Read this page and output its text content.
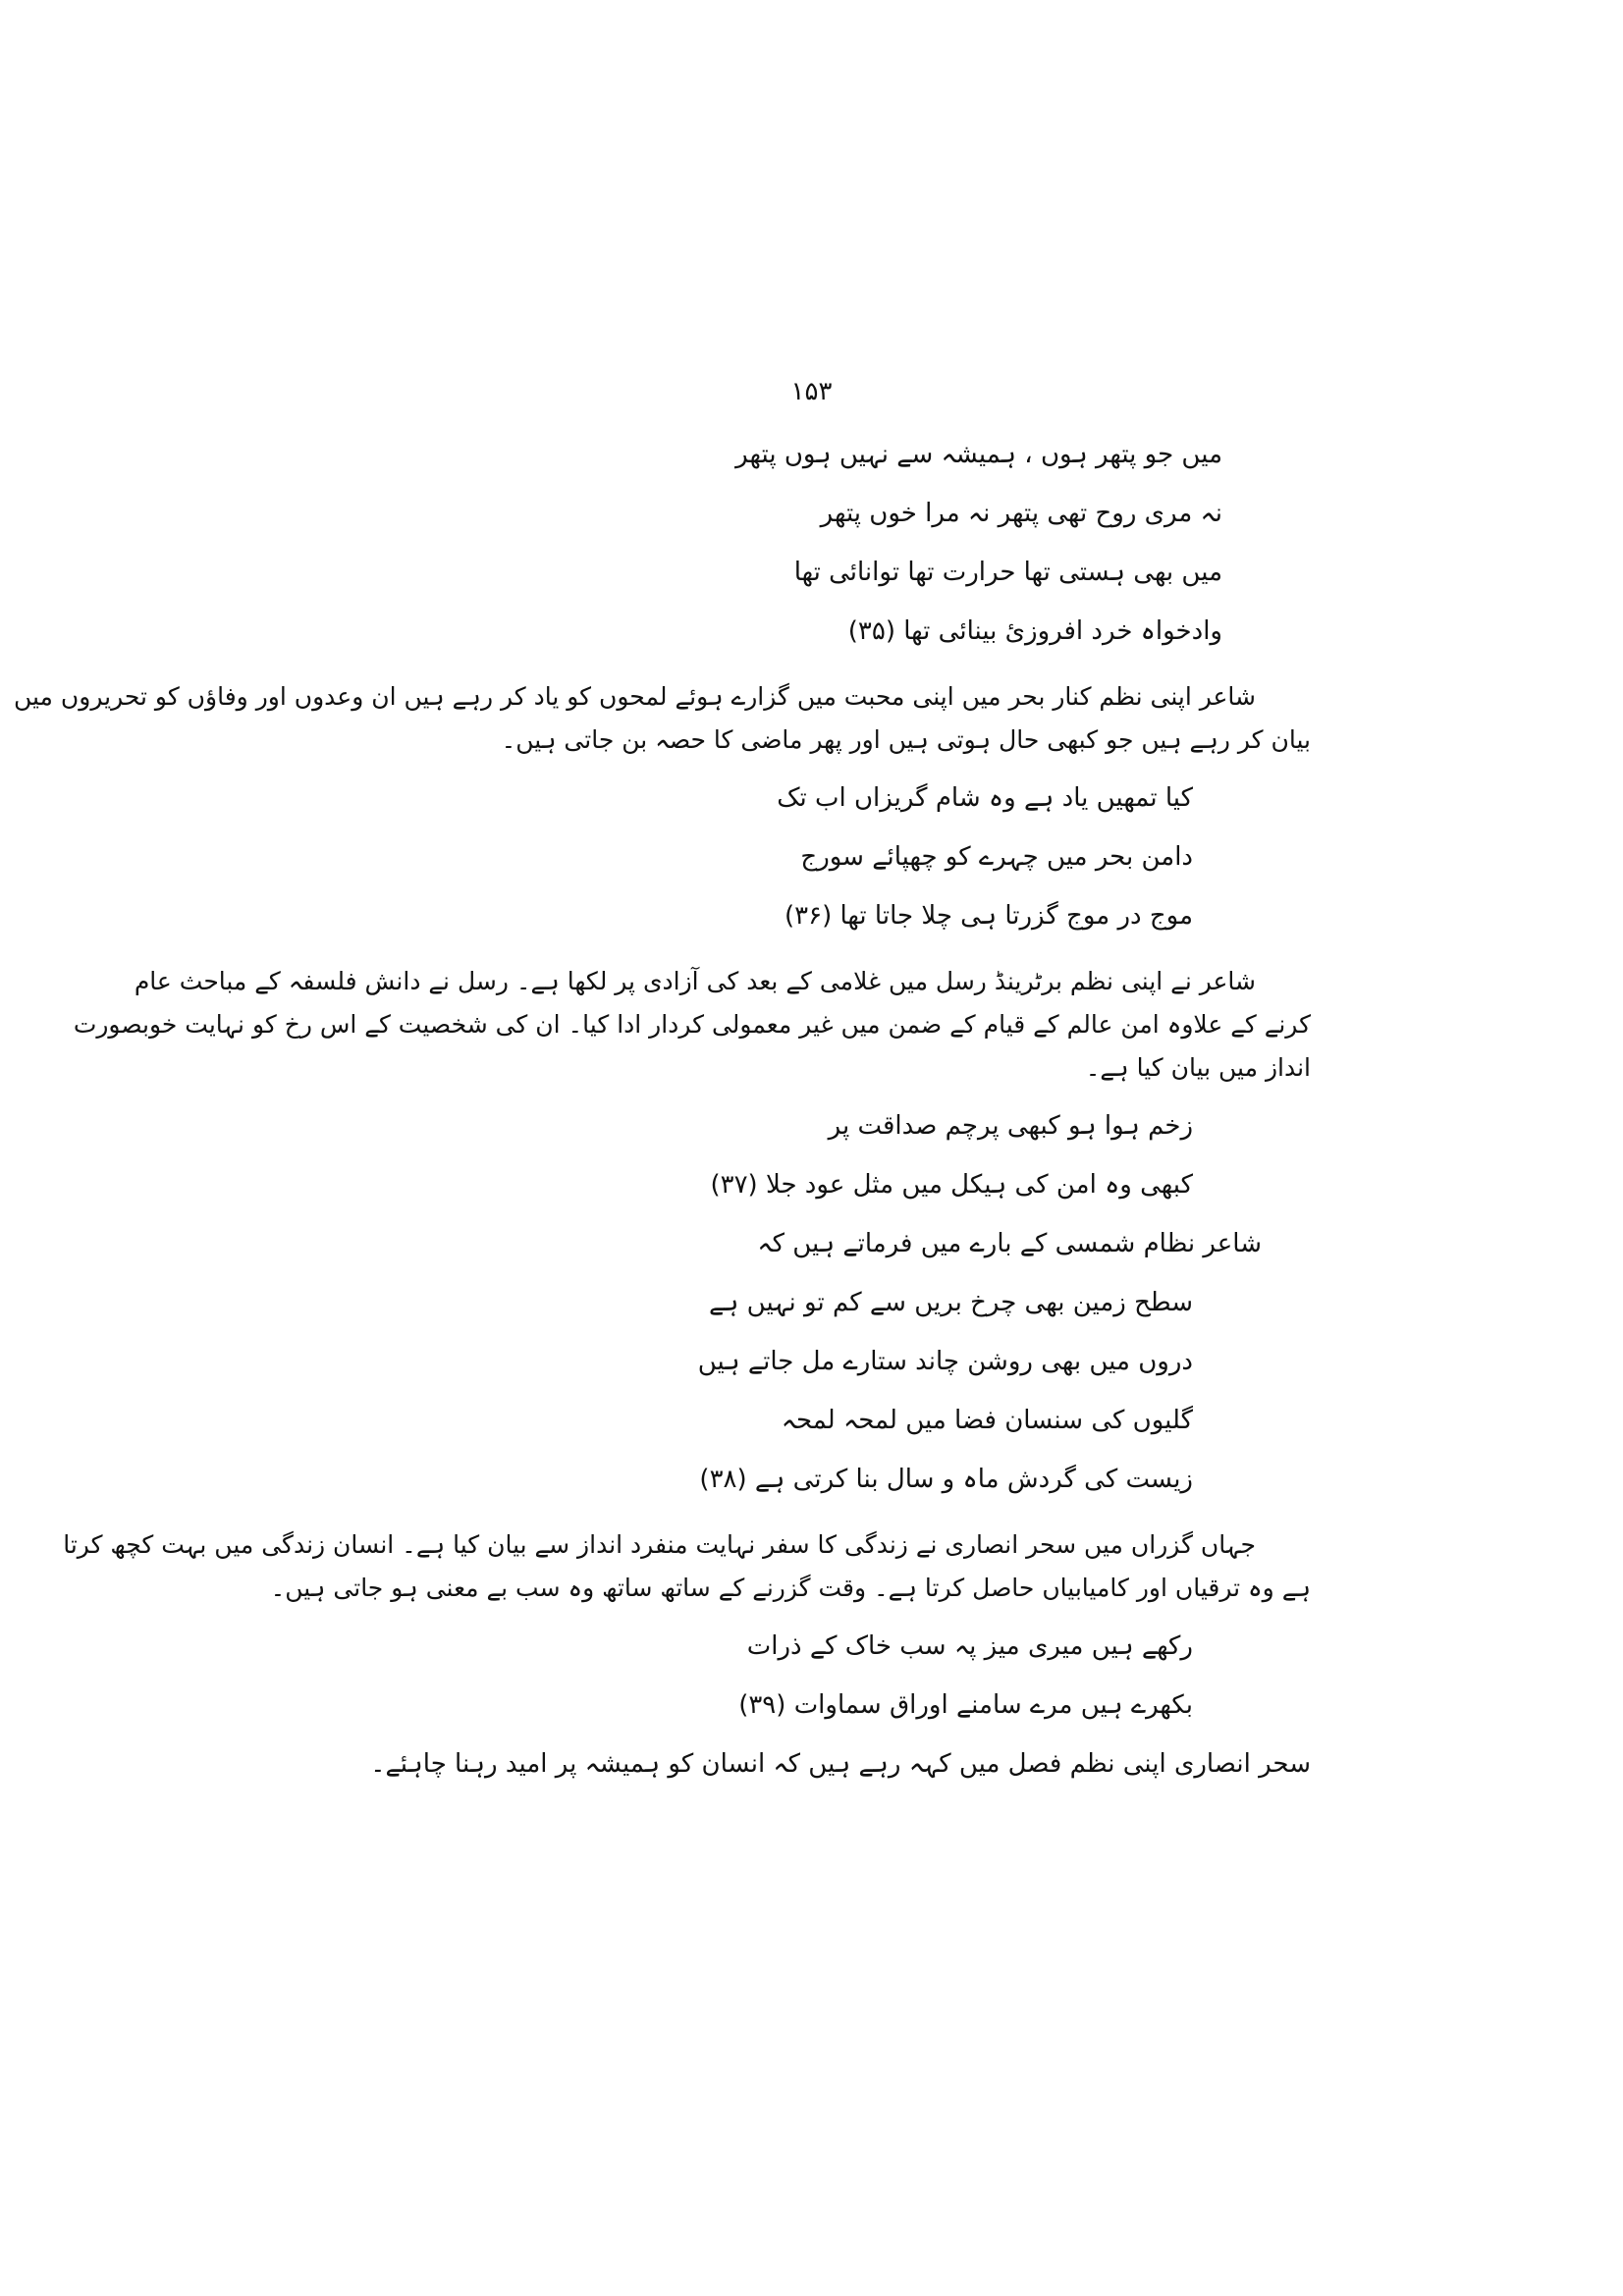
۱۵۳
میں جو پتھر ہوں ، ہمیشہ سے نہیں ہوں پتھر
نہ مری روح تھی پتھر نہ مرا خوں پتھر
میں بھی ہستی تھا حرارت تھا توانائی تھا
وادخواہ خرد افروزئ بینائی تھا (۳۵)
شاعر اپنی نظم کنار بحر میں اپنی محبت میں گزارے ہوئے لمحوں کو یاد کر رہے ہیں ان وعدوں اور وفاؤں کو تحریروں میں
بیان کر رہے ہیں جو کبھی حال ہوتی ہیں اور پھر ماضی کا حصہ بن جاتی ہیں۔
کیا تمھیں یاد ہے وہ شام گریزاں اب تک
دامن بحر میں چہرے کو چھپائے سورج
موج در موج گزرتا ہی چلا جاتا تھا (۳۶)
شاعر نے اپنی نظم برٹرینڈ رسل میں غلامی کے بعد کی آزادی پر لکھا ہے۔ رسل نے دانش فلسفہ کے مباحث عام
کرنے کے علاوہ امن عالم کے قیام کے ضمن میں غیر معمولی کردار ادا کیا۔ ان کی شخصیت کے اس رخ کو نہایت خوبصورت
انداز میں بیان کیا ہے۔
زخم ہوا ہو کبھی پرچم صداقت پر
کبھی وہ امن کی ہیکل میں مثل عود جلا (۳۷)
شاعر نظام شمسی کے بارے میں فرماتے ہیں کہ
سطح زمین بھی چرخ بریں سے کم تو نہیں ہے
دروں میں بھی روشن چاند ستارے مل جاتے ہیں
گلیوں کی سنسان فضا میں لمحہ لمحہ
زیست کی گردش ماہ و سال بنا کرتی ہے (۳۸)
جہاں گزراں میں سحر انصاری نے زندگی کا سفر نہایت منفرد انداز سے بیان کیا ہے۔ انسان زندگی میں بہت کچھ کرتا
ہے وہ ترقیاں اور کامیابیاں حاصل کرتا ہے۔ وقت گزرنے کے ساتھ ساتھ وہ سب بے معنی ہو جاتی ہیں۔
رکھے ہیں میری میز پہ سب خاک کے ذرات
بکھرے ہیں مرے سامنے اوراق سماوات (۳۹)
سحر انصاری اپنی نظم فصل میں کہہ رہے ہیں کہ انسان کو ہمیشہ پر امید رہنا چاہئے۔
